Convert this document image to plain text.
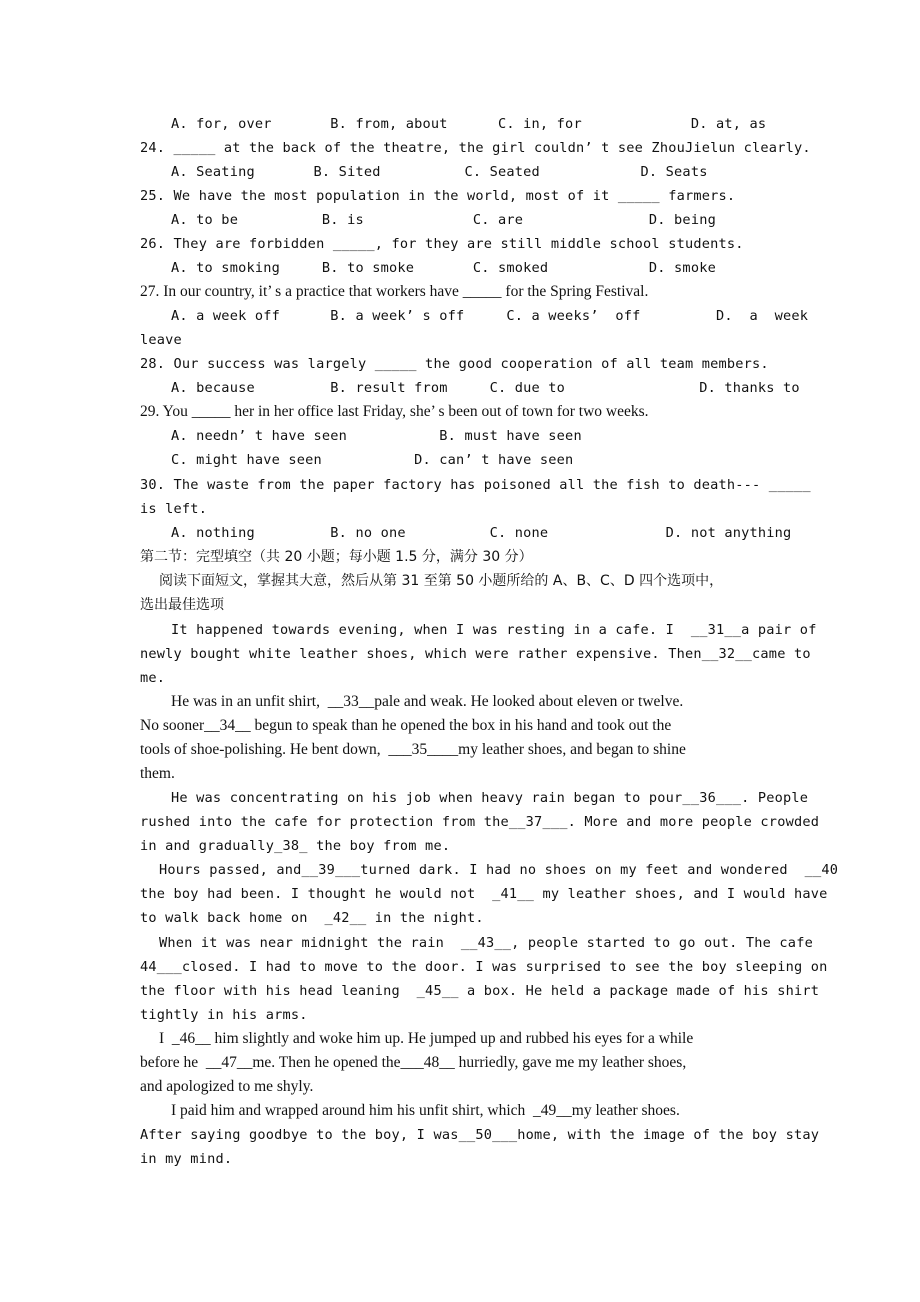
A. for, over       B. from, about      C. in, for             D. at, as
24. _____ at the back of the theatre, the girl couldn’ t see ZhouJielun clearly.
A. Seating       B. Sited          C. Seated            D. Seats
25. We have the most population in the world, most of it _____ farmers.
A. to be          B. is             C. are               D. being
26. They are forbidden _____, for they are still middle school students.
A. to smoking     B. to smoke       C. smoked            D. smoke
27. In our country, it’ s a practice that workers have _____ for the Spring Festival.
A. a week off      B. a week’ s off     C. a weeks’  off         D.  a  week
leave
28. Our success was largely _____ the good cooperation of all team members.
A. because         B. result from     C. due to                D. thanks to
29. You _____ her in her office last Friday, she’ s been out of town for two weeks.
A. needn’ t have seen           B. must have seen
C. might have seen           D. can’ t have seen
30. The waste from the paper factory has poisoned all the fish to death--- _____
is left.
A. nothing         B. no one          C. none              D. not anything
第二节：完型填空（共 20 小题；每小题 1.5 分，满分 30 分）
阅读下面短文，掌握其大意，然后从第 31 至第 50 小题所给的 A、B、C、D 四个选项中，
选出最佳选项
It happened towards evening, when I was resting in a cafe. I  __31__a pair of
newly bought white leather shoes, which were rather expensive. Then__32__came to
me.
He was in an unfit shirt,  __33__pale and weak. He looked about eleven or twelve.
No sooner__34__ begun to speak than he opened the box in his hand and took out the
tools of shoe-polishing. He bent down,  ___35____my leather shoes, and began to shine
them.
He was concentrating on his job when heavy rain began to pour__36___. People
rushed into the cafe for protection from the__37___. More and more people crowded
in and gradually_38_ the boy from me.
Hours passed, and__39___turned dark. I had no shoes on my feet and wondered  __40
the boy had been. I thought he would not  _41__ my leather shoes, and I would have
to walk back home on  _42__ in the night.
When it was near midnight the rain  __43__, people started to go out. The cafe
44___closed. I had to move to the door. I was surprised to see the boy sleeping on
the floor with his head leaning  _45__ a box. He held a package made of his shirt
tightly in his arms.
I  _46__ him slightly and woke him up. He jumped up and rubbed his eyes for a while
before he  __47__me. Then he opened the___48__ hurriedly, gave me my leather shoes,
and apologized to me shyly.
I paid him and wrapped around him his unfit shirt, which  _49__my leather shoes.
After saying goodbye to the boy, I was__50___home, with the image of the boy stay
in my mind.
